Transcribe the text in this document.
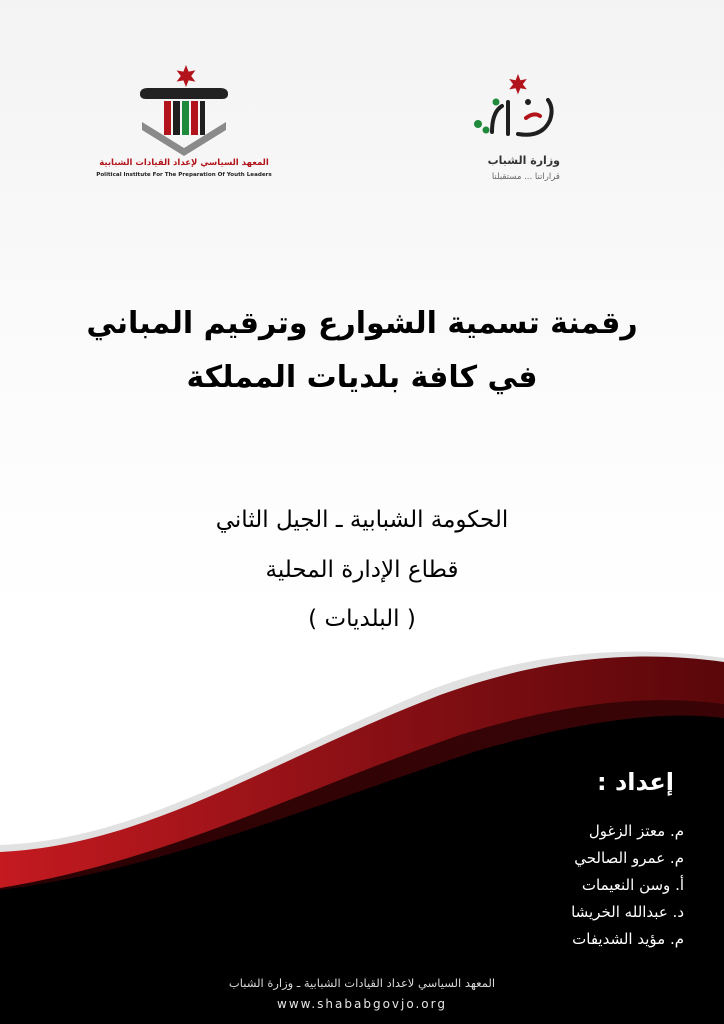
المعهد السياسي لإعداد القيادات الشبابية
Political Institute For The Preparation Of Youth Leaders
وزارة الشباب
قراراتنا ... مستقبلنا
رقمنة تسمية الشوارع وترقيم المباني
في كافة بلديات المملكة
الحكومة الشبابية ـ الجيل الثاني
قطاع الإدارة المحلية
( البلديات )
إعداد :
م. معتز الزغول
م. عمرو الصالحي
أ. وسن النعيمات
د. عبدالله الخريشا
م. مؤيد الشديفات
المعهد السياسي لاعداد القيادات الشبابية ـ وزارة الشباب
www.shababgovjo.org
